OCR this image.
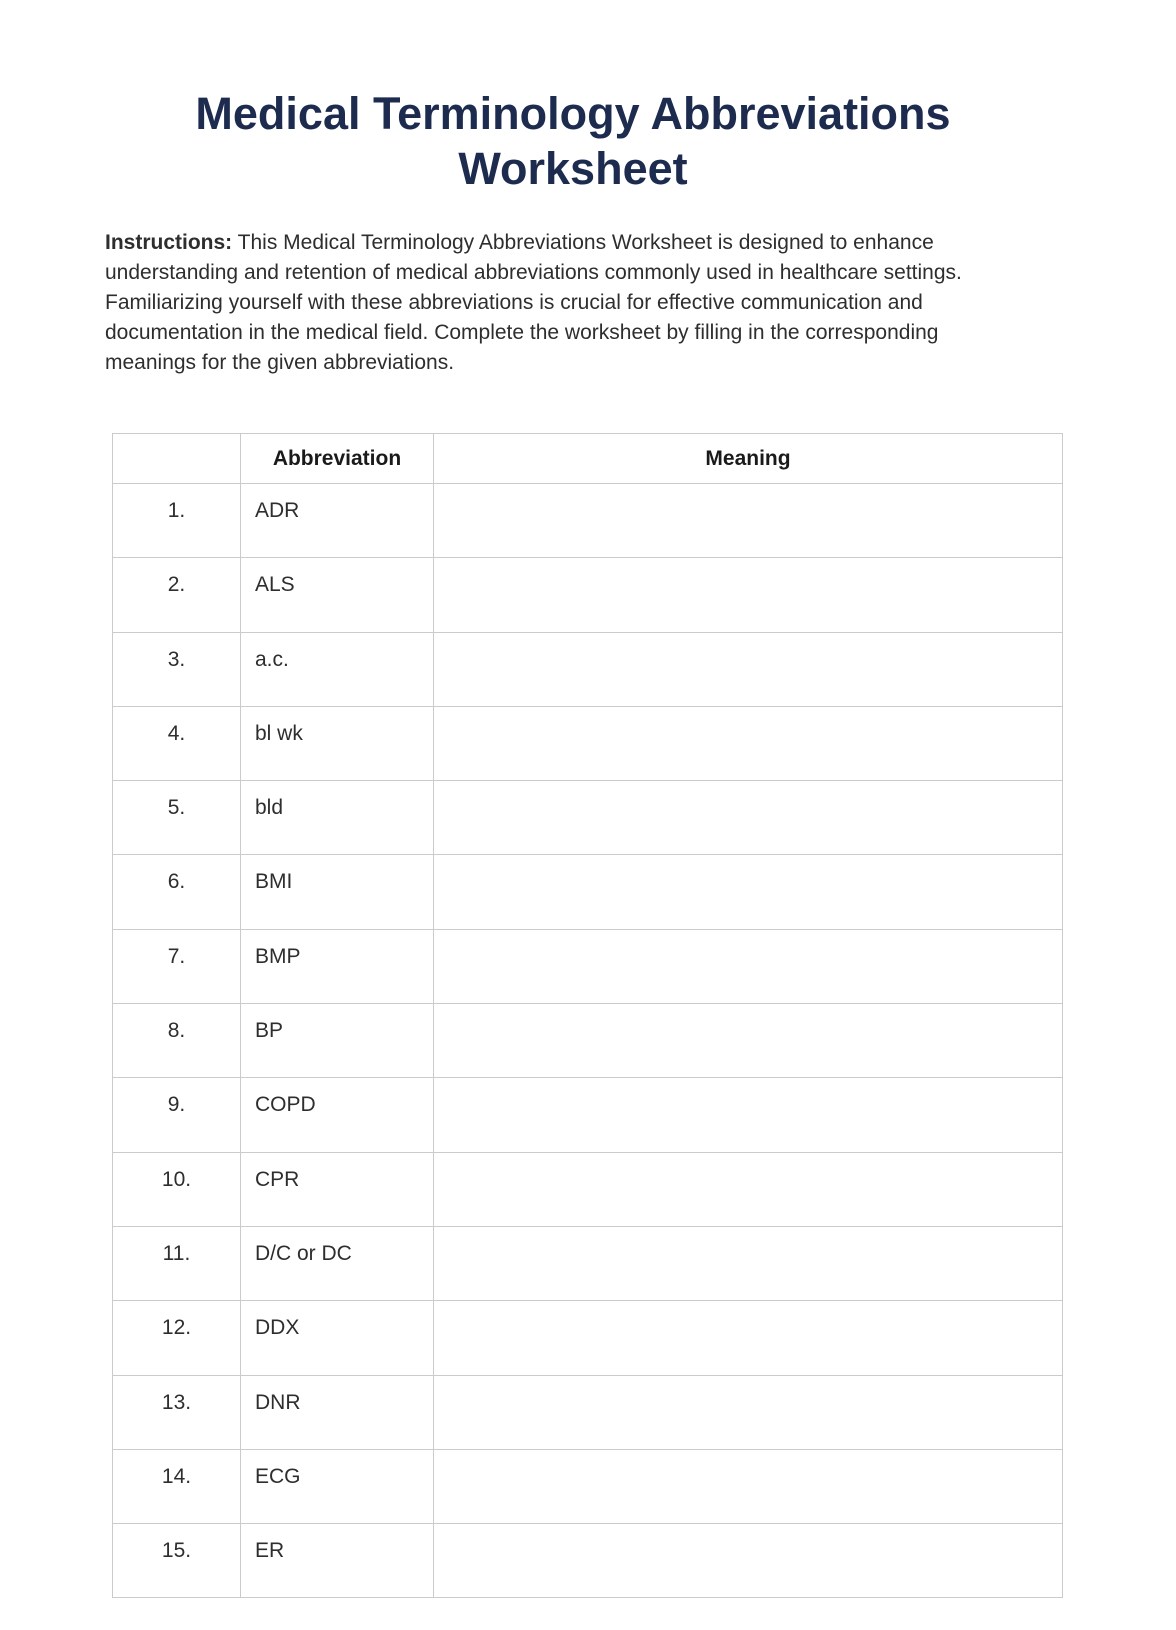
Medical Terminology Abbreviations
Worksheet

Instructions: This Medical Terminology Abbreviations Worksheet is designed to enhance understanding and retention of medical abbreviations commonly used in healthcare settings. Familiarizing yourself with these abbreviations is crucial for effective communication and documentation in the medical field. Complete the worksheet by filling in the corresponding meanings for the given abbreviations.

	Abbreviation	Meaning
1.	ADR	
2.	ALS	
3.	a.c.	
4.	bl wk	
5.	bld	
6.	BMI	
7.	BMP	
8.	BP	
9.	COPD	
10.	CPR	
11.	D/C or DC	
12.	DDX	
13.	DNR	
14.	ECG	
15.	ER	
